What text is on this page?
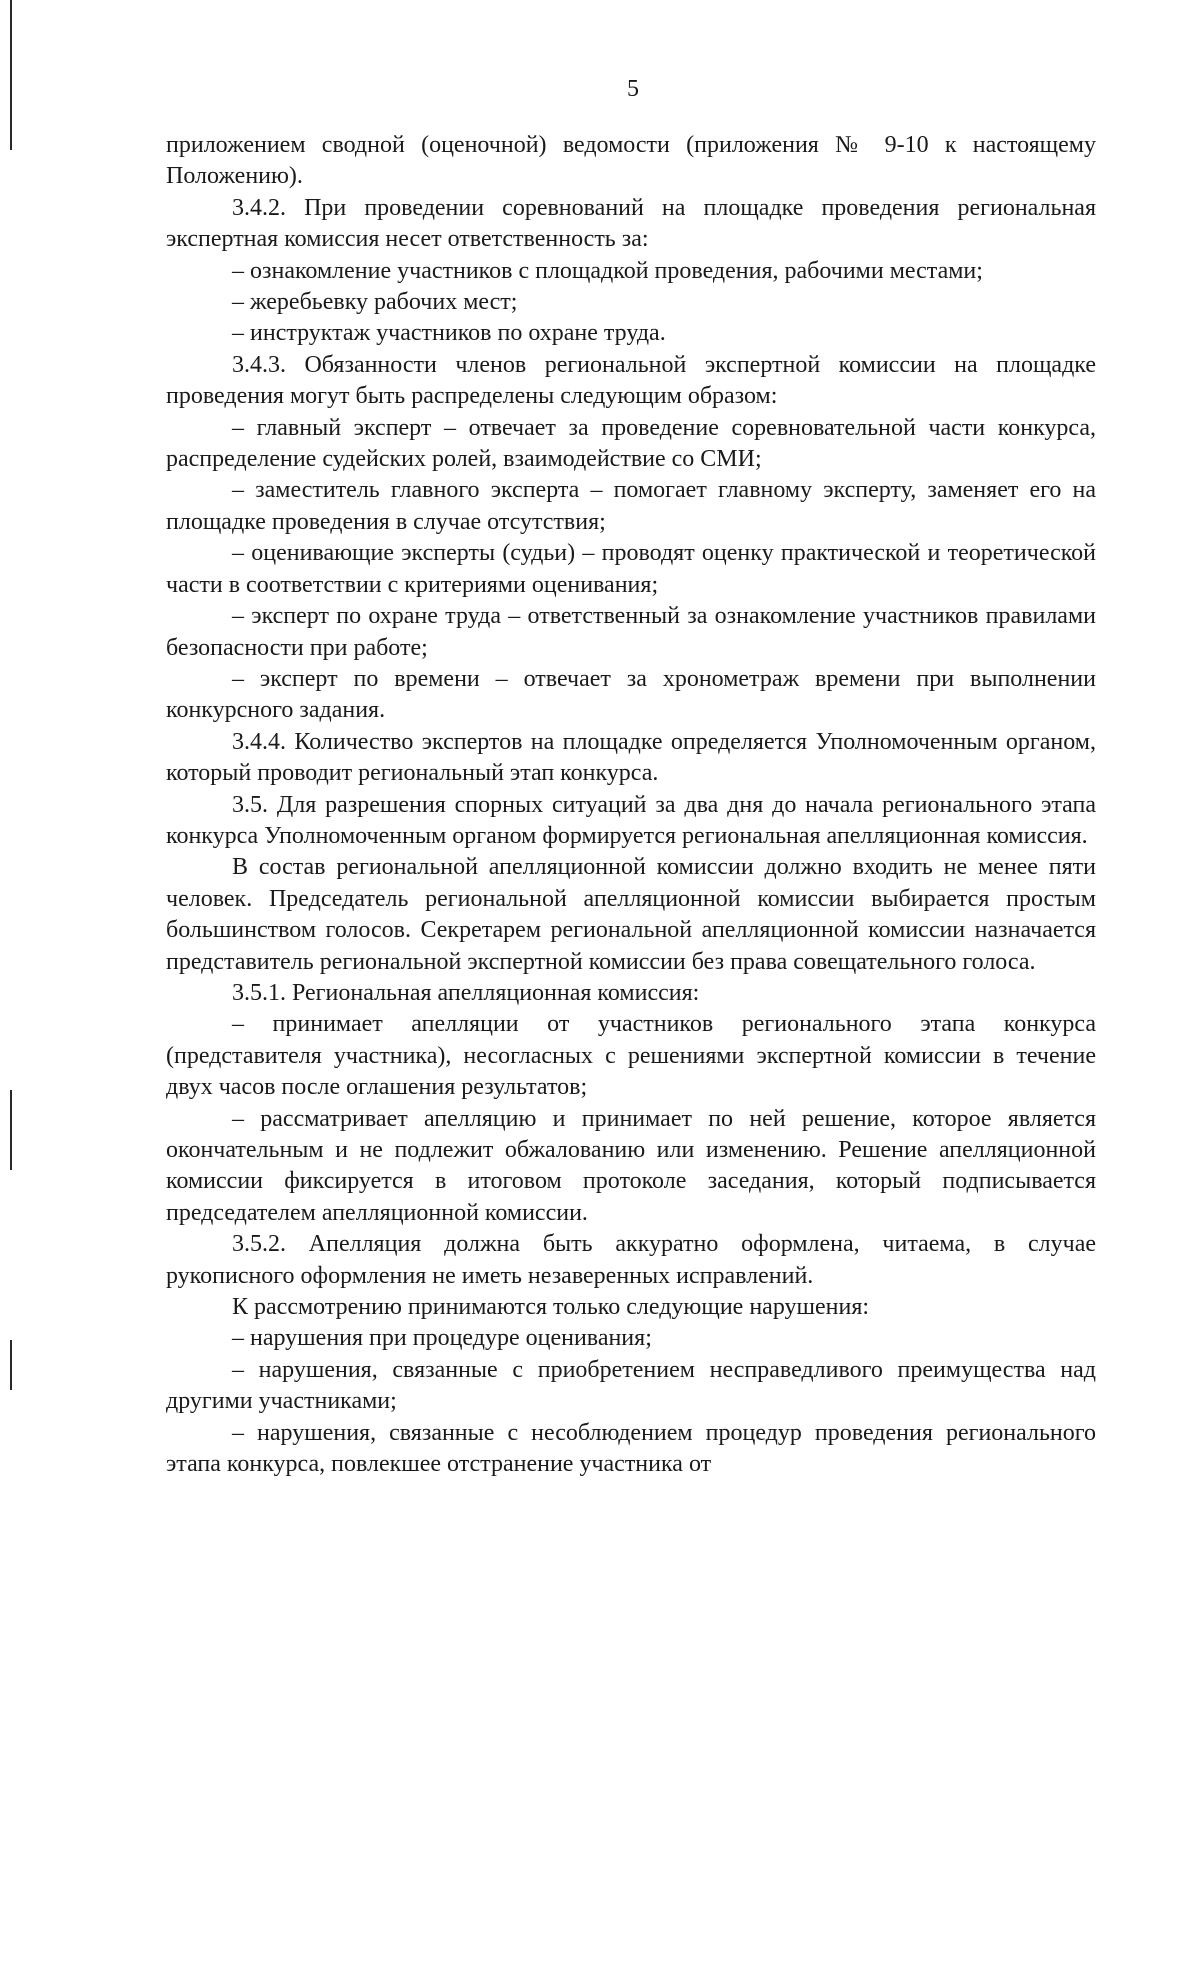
5

приложением сводной (оценочной) ведомости (приложения № 9-10 к настоящему Положению).

3.4.2. При проведении соревнований на площадке проведения региональная экспертная комиссия несет ответственность за:

– ознакомление участников с площадкой проведения, рабочими местами;

– жеребьевку рабочих мест;

– инструктаж участников по охране труда.

3.4.3. Обязанности членов региональной экспертной комиссии на площадке проведения могут быть распределены следующим образом:

– главный эксперт – отвечает за проведение соревновательной части конкурса, распределение судейских ролей, взаимодействие со СМИ;

– заместитель главного эксперта – помогает главному эксперту, заменяет его на площадке проведения в случае отсутствия;

– оценивающие эксперты (судьи) – проводят оценку практической и теоретической части в соответствии с критериями оценивания;

– эксперт по охране труда – ответственный за ознакомление участников правилами безопасности при работе;

– эксперт по времени – отвечает за хронометраж времени при выполнении конкурсного задания.

3.4.4. Количество экспертов на площадке определяется Уполномоченным органом, который проводит региональный этап конкурса.

3.5. Для разрешения спорных ситуаций за два дня до начала регионального этапа конкурса Уполномоченным органом формируется региональная апелляционная комиссия.

В состав региональной апелляционной комиссии должно входить не менее пяти человек. Председатель региональной апелляционной комиссии выбирается простым большинством голосов. Секретарем региональной апелляционной комиссии назначается представитель региональной экспертной комиссии без права совещательного голоса.

3.5.1. Региональная апелляционная комиссия:

– принимает апелляции от участников регионального этапа конкурса (представителя участника), несогласных с решениями экспертной комиссии в течение двух часов после оглашения результатов;

– рассматривает апелляцию и принимает по ней решение, которое является окончательным и не подлежит обжалованию или изменению. Решение апелляционной комиссии фиксируется в итоговом протоколе заседания, который подписывается председателем апелляционной комиссии.

3.5.2. Апелляция должна быть аккуратно оформлена, читаема, в случае рукописного оформления не иметь незаверенных исправлений.

К рассмотрению принимаются только следующие нарушения:

– нарушения при процедуре оценивания;

– нарушения, связанные с приобретением несправедливого преимущества над другими участниками;

– нарушения, связанные с несоблюдением процедур проведения регионального этапа конкурса, повлекшее отстранение участника от
